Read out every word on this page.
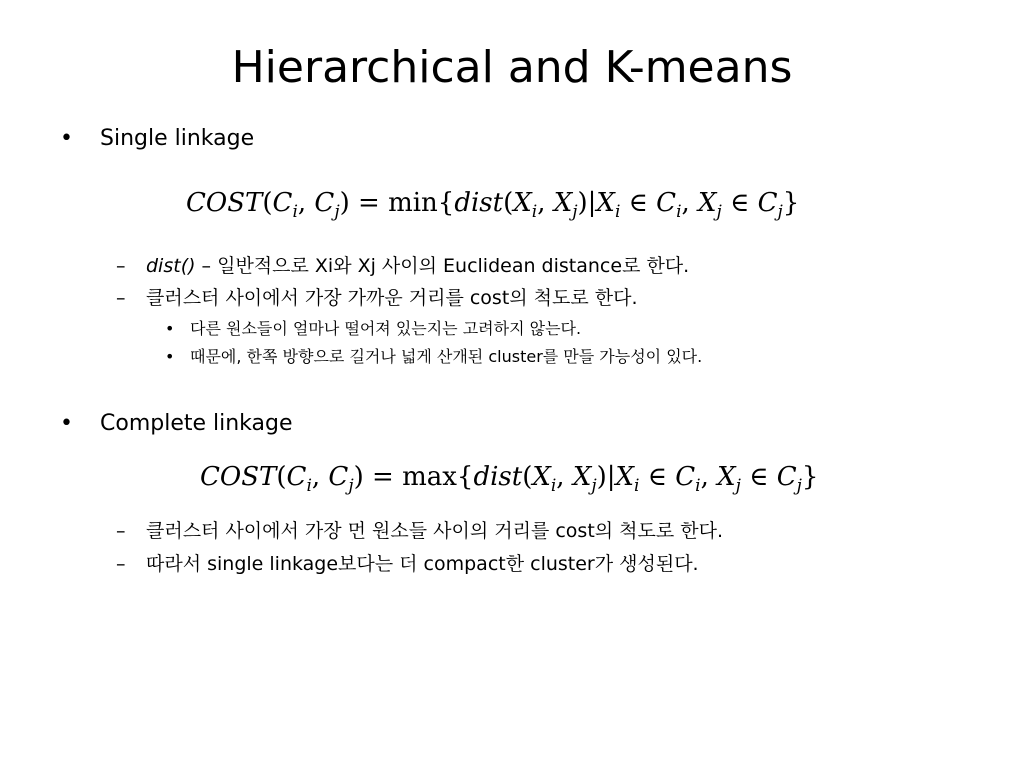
Hierarchical and K-means
• Single linkage
$COST(C_i$, $C_j$) = $\min\{dist(X_i$, $X_j)|X_i$ ∈ $C_i$, $X_j$ ∈ $C_j$}
– dist() – 일반적으로 Xi와 Xj 사이의 Euclidean distance로 한다.
– 클러스터 사이에서 가장 가까운 거리를 cost의 척도로 한다.
• 다른 원소들이 얼마나 떨어져 있는지는 고려하지 않는다.
• 때문에, 한쪽 방향으로 길거나 넓게 산개된 cluster를 만들 가능성이 있다.
• Complete linkage
$COST(C_i$, $C_j$) = $\max\{dist(X_i$, $X_j)|X_i$ ∈ $C_i$, $X_j$ ∈ $C_j$}
– 클러스터 사이에서 가장 먼 원소들 사이의 거리를 cost의 척도로 한다.
– 따라서 single linkage보다는 더 compact한 cluster가 생성된다.
